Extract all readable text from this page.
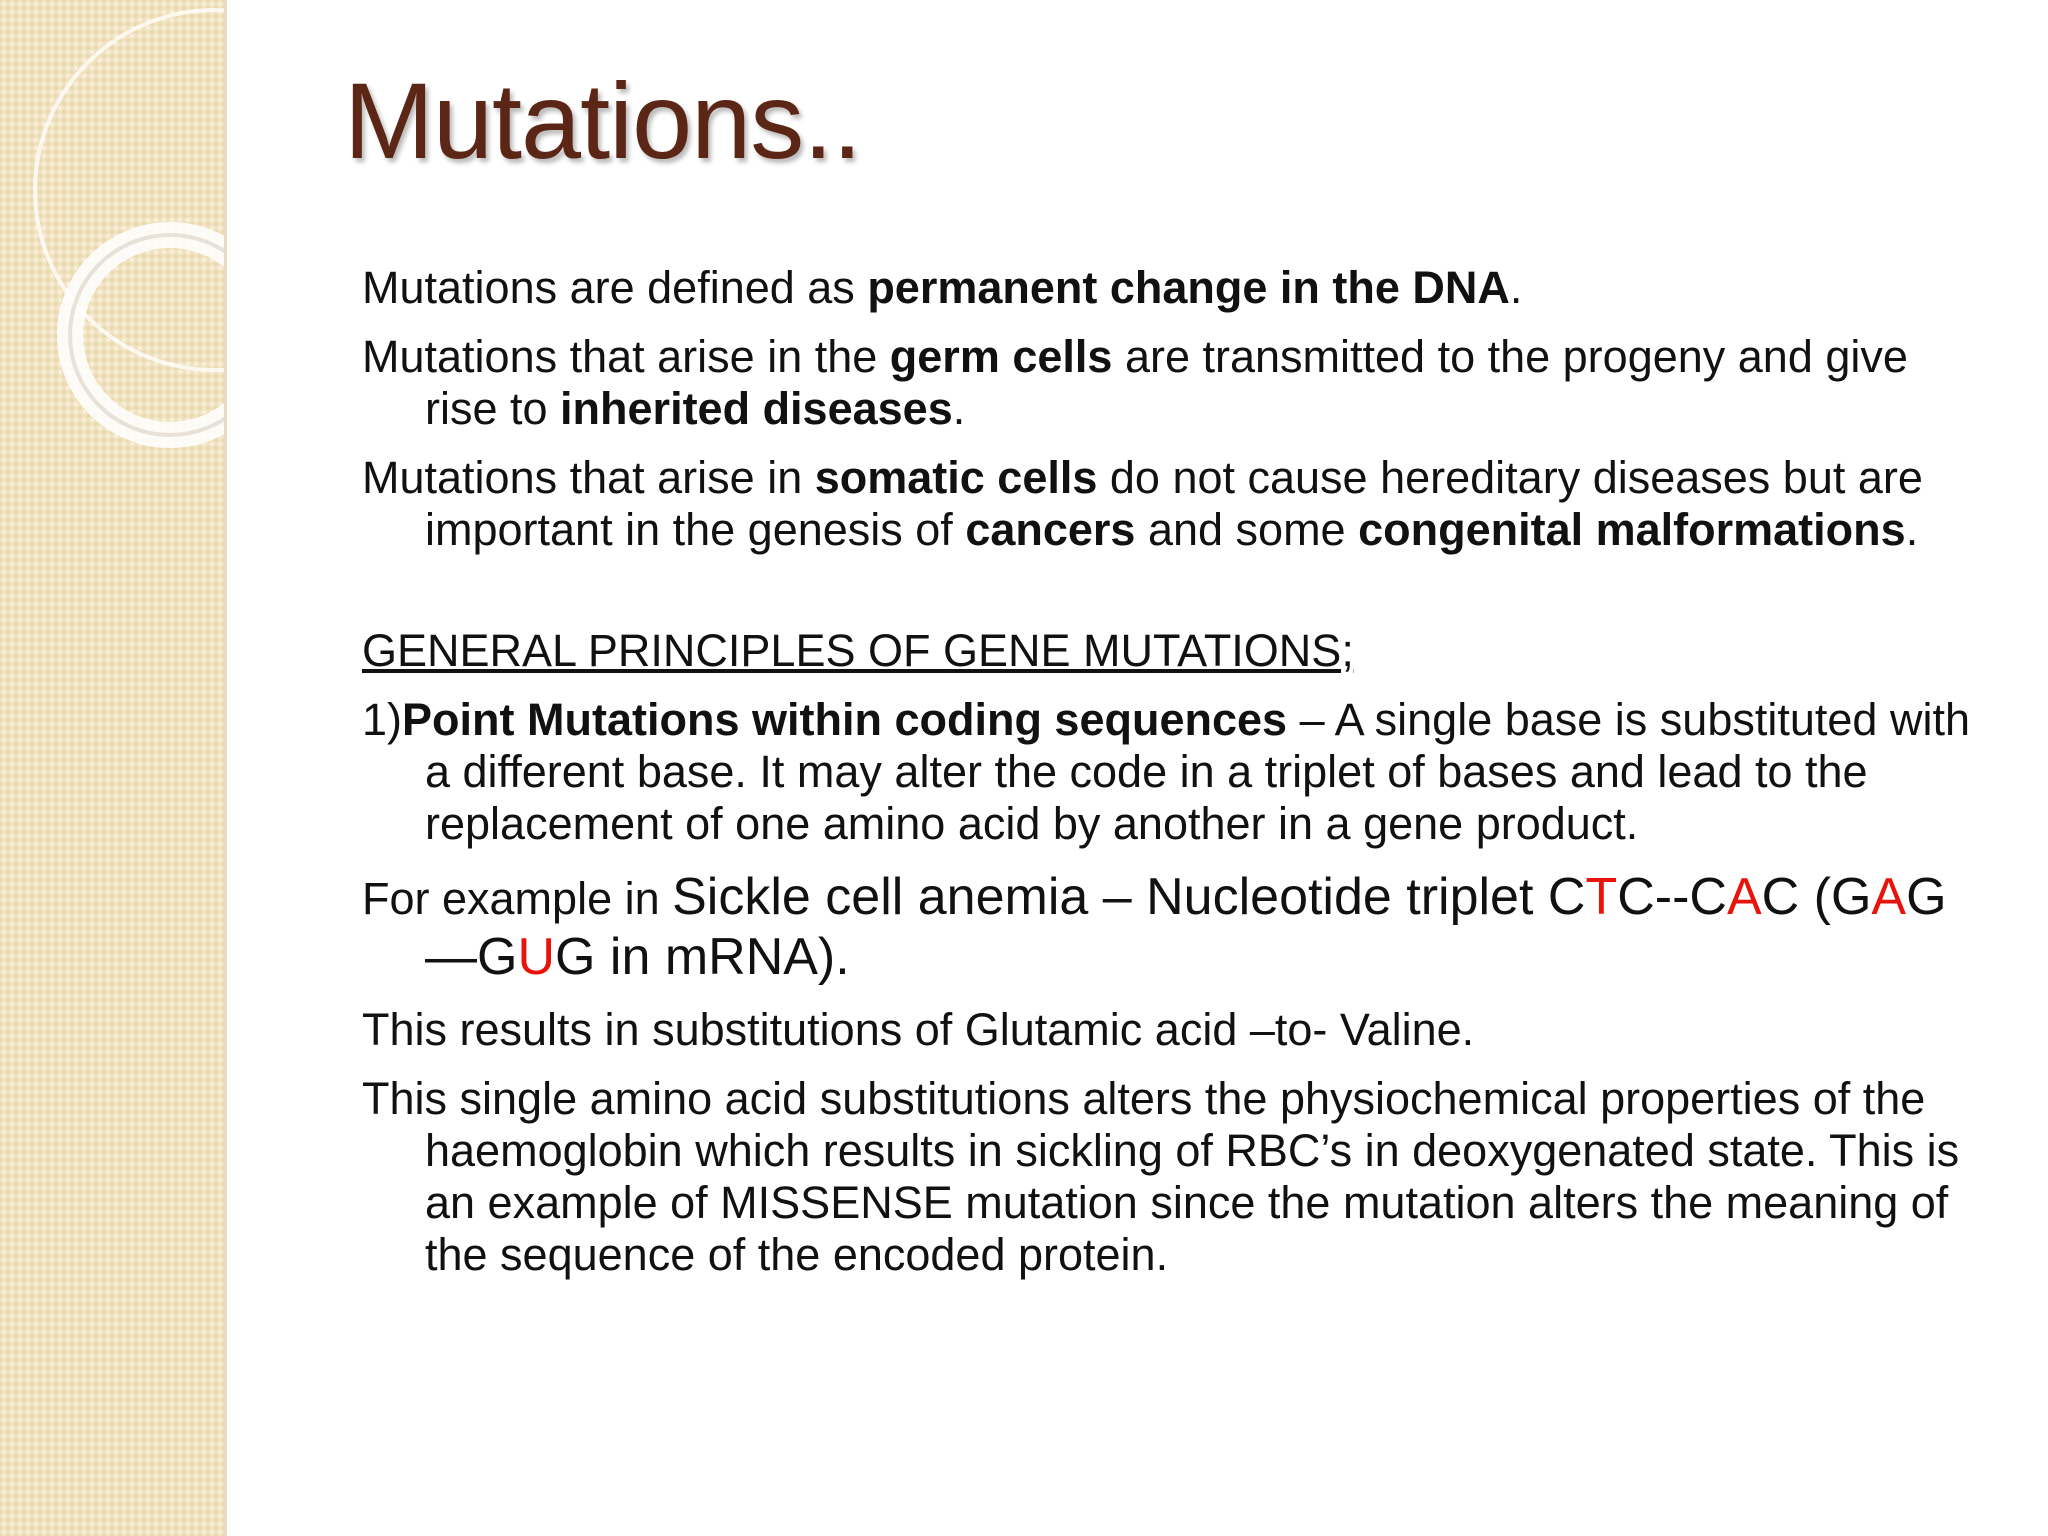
Mutations..

Mutations are defined as permanent change in the DNA.

Mutations that arise in the germ cells are transmitted to the progeny and give rise to inherited diseases.

Mutations that arise in somatic cells do not cause hereditary diseases but are important in the genesis of cancers and some congenital malformations.

GENERAL PRINCIPLES OF GENE MUTATIONS;

1)Point Mutations within coding sequences – A single base is substituted with a different base. It may alter the code in a triplet of bases and lead to the replacement of one amino acid by another in a gene product.

For example in Sickle cell anemia – Nucleotide triplet CTC--CAC (GAG—GUG in mRNA).

This results in substitutions of Glutamic acid –to- Valine.

This single amino acid substitutions alters the physiochemical properties of the haemoglobin which results in sickling of RBC’s in deoxygenated state. This is an example of MISSENSE mutation since the mutation alters the meaning of the sequence of the encoded protein.
